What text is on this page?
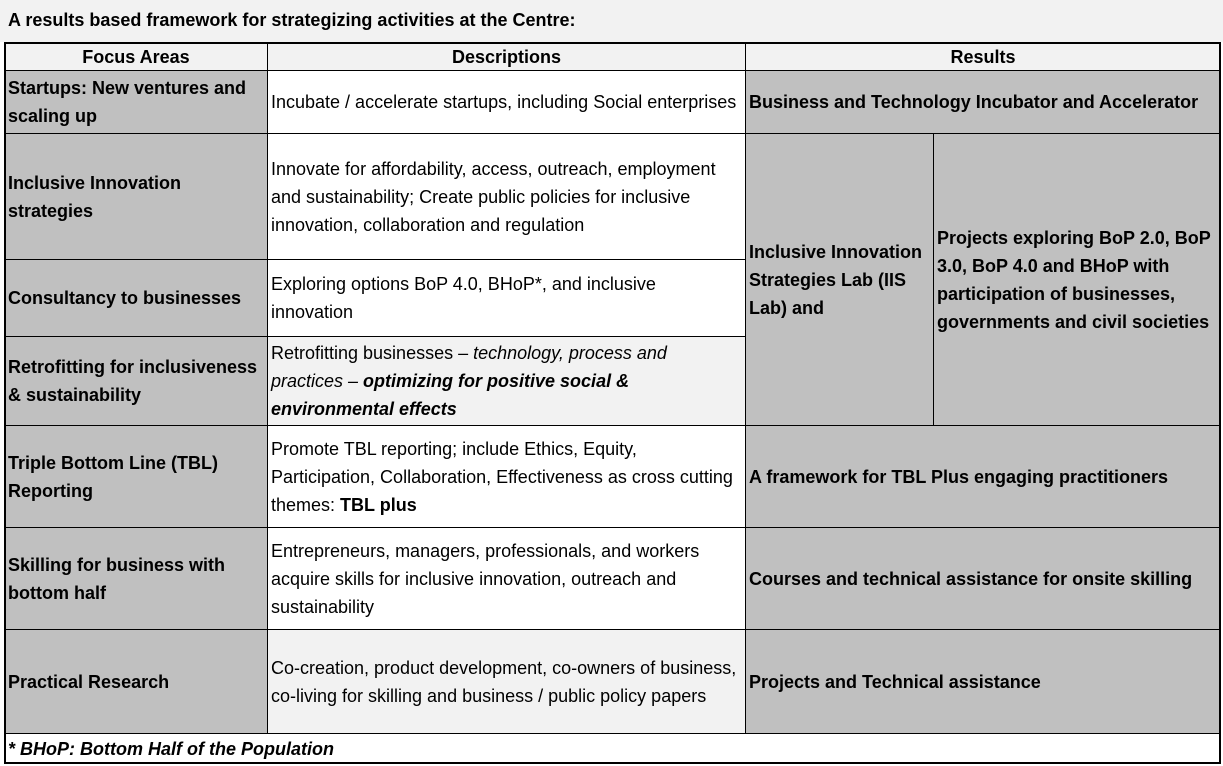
A results based framework for strategizing activities at the Centre:
Focus Areas	Descriptions	Results
Startups: New ventures and scaling up
Incubate / accelerate startups, including Social enterprises Business and Technology Incubator and Accelerator
Inclusive Innovation strategies
Innovate for affordability, access, outreach, employment and sustainability; Create public policies for inclusive innovation, collaboration and regulation
Inclusive Innovation Strategies Lab (IIS Lab) and
Projects exploring BoP 2.0, BoP 3.0, BoP 4.0 and BHoP with participation of businesses, governments and civil societies
Consultancy to businesses
Exploring options BoP 4.0, BHoP*, and inclusive innovation
Retrofitting for inclusiveness & sustainability
Retrofitting businesses – technology, process and practices – optimizing for positive social & environmental effects
Triple Bottom Line (TBL) Reporting
Promote TBL reporting; include Ethics, Equity, Participation, Collaboration, Effectiveness as cross cutting themes: TBL plus
A framework for TBL Plus engaging practitioners
Skilling for business with bottom half
Entrepreneurs, managers, professionals, and workers acquire skills for inclusive innovation, outreach and sustainability
Courses and technical assistance for onsite skilling
Practical Research
Co-creation, product development, co-owners of business, co-living for skilling and business / public policy papers
Projects and Technical assistance
* BHoP: Bottom Half of the Population
